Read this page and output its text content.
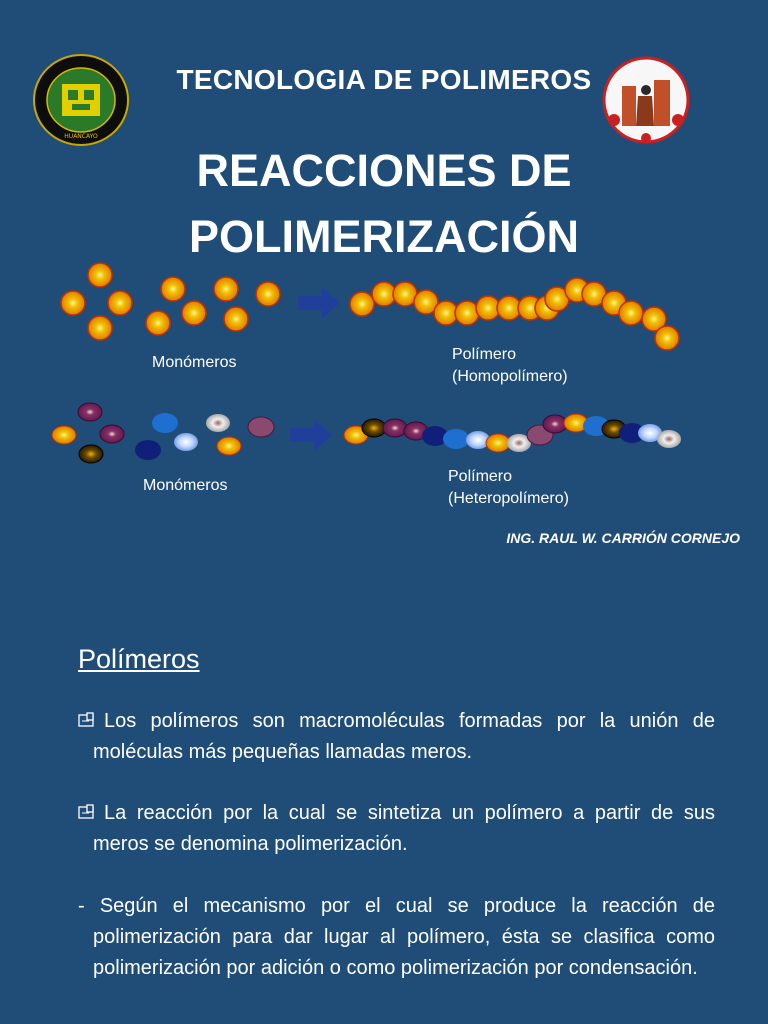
HUANCAYO
TECNOLOGIA DE POLIMEROS
REACCIONES DE
POLIMERIZACIÓN
Monómeros	Polímero
(Homopolímero)
Monómeros
Polímero
(Heteropolímero)
ING. RAUL W. CARRIÓN CORNEJO
Polímeros
Los polímeros son macromoléculas formadas por la unión de moléculas más pequeñas llamadas meros.
La reacción por la cual se sintetiza un polímero a partir de sus meros se denomina polimerización.
- Según el mecanismo por el cual se produce la reacción de polimerización para dar lugar al polímero, ésta se clasifica como polimerización por adición o como polimerización por condensación.
